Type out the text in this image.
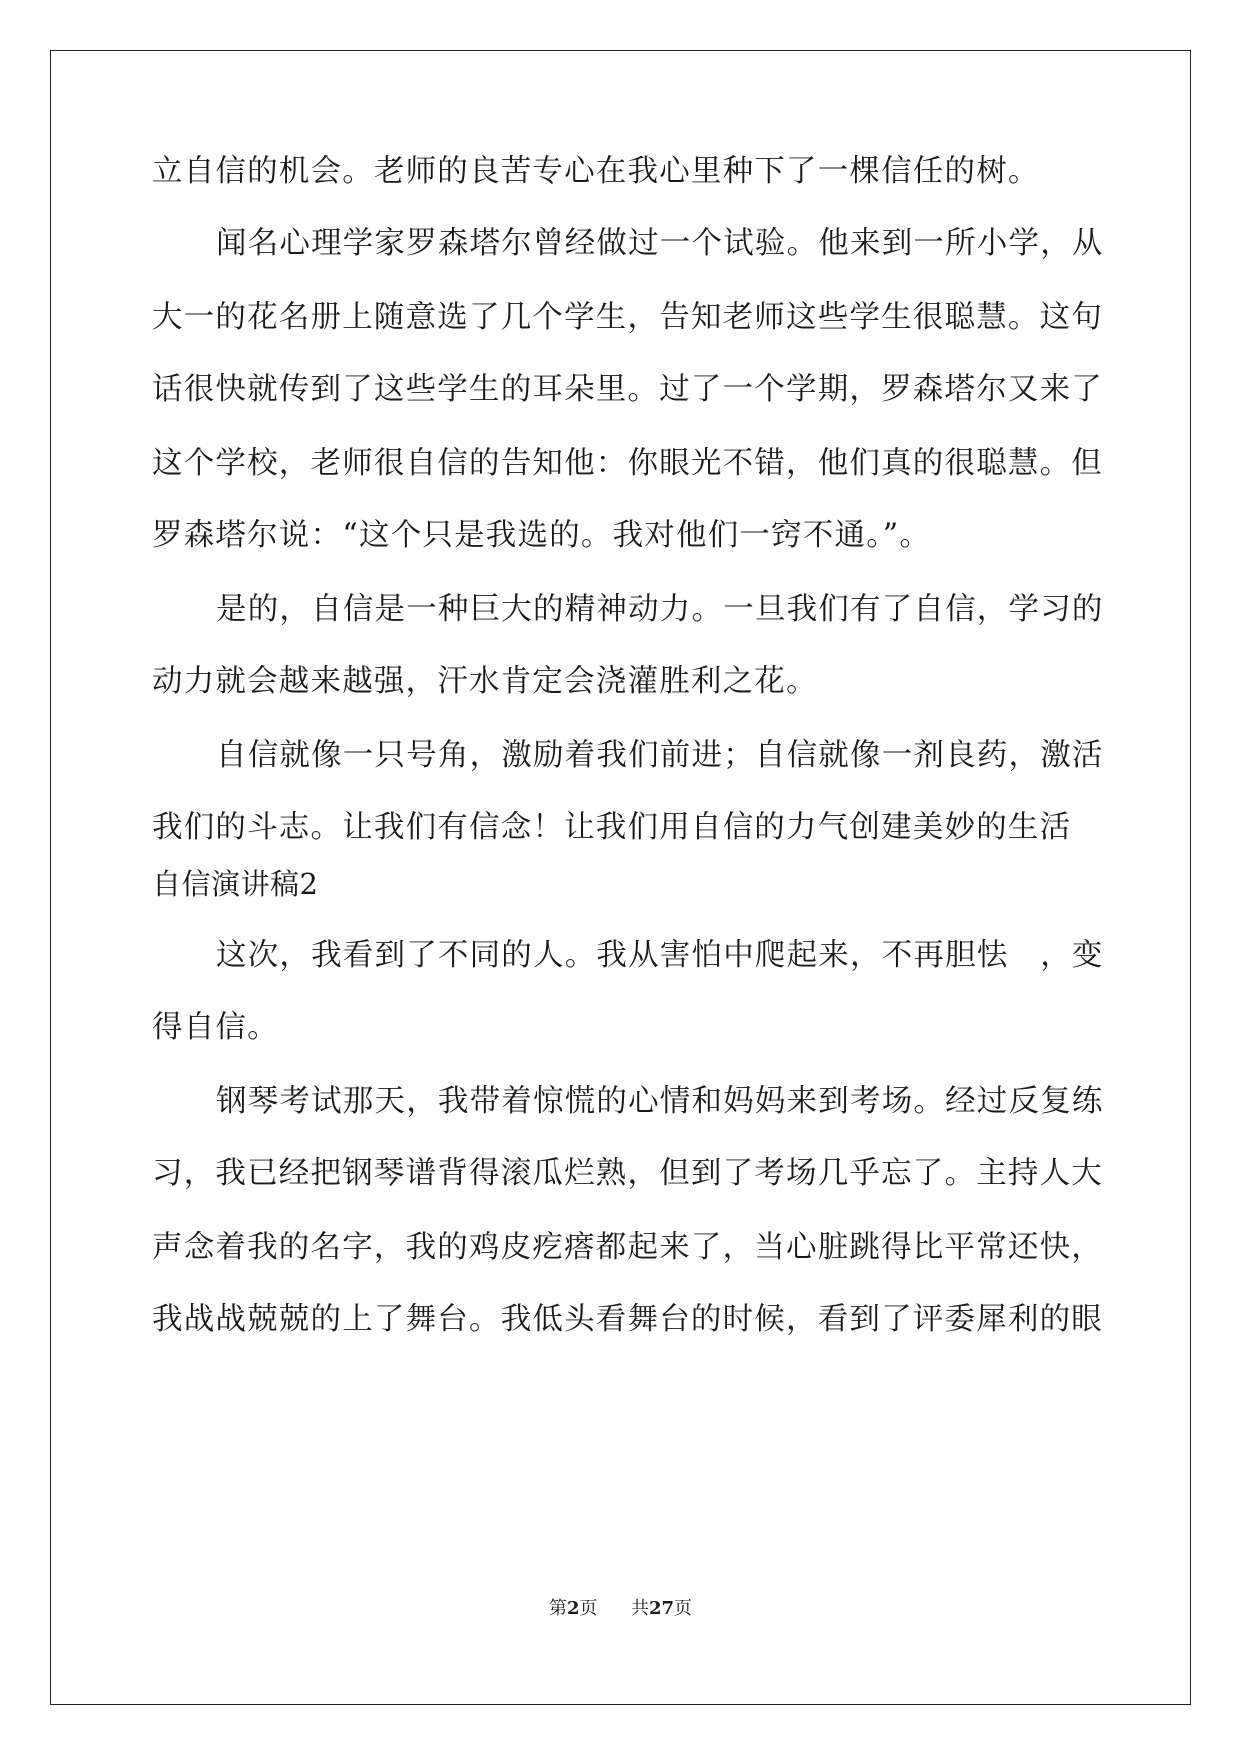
立自信的机会。老师的良苦专心在我心里种下了一棵信任的树。
闻名心理学家罗森塔尔曾经做过一个试验。他来到一所小学，从
大一的花名册上随意选了几个学生，告知老师这些学生很聪慧。这句
话很快就传到了这些学生的耳朵里。过了一个学期，罗森塔尔又来了
这个学校，老师很自信的告知他：你眼光不错，他们真的很聪慧。但
罗森塔尔说：“这个只是我选的。我对他们一窍不通。”。
是的，自信是一种巨大的精神动力。一旦我们有了自信，学习的
动力就会越来越强，汗水肯定会浇灌胜利之花。
自信就像一只号角，激励着我们前进；自信就像一剂良药，激活
我们的斗志。让我们有信念！让我们用自信的力气创建美妙的生活
自信演讲稿2
这次，我看到了不同的人。我从害怕中爬起来，不再胆怯　，变
得自信。
钢琴考试那天，我带着惊慌的心情和妈妈来到考场。经过反复练
习，我已经把钢琴谱背得滚瓜烂熟，但到了考场几乎忘了。主持人大
声念着我的名字，我的鸡皮疙瘩都起来了，当心脏跳得比平常还快，
我战战兢兢的上了舞台。我低头看舞台的时候，看到了评委犀利的眼
第2页 共27页
